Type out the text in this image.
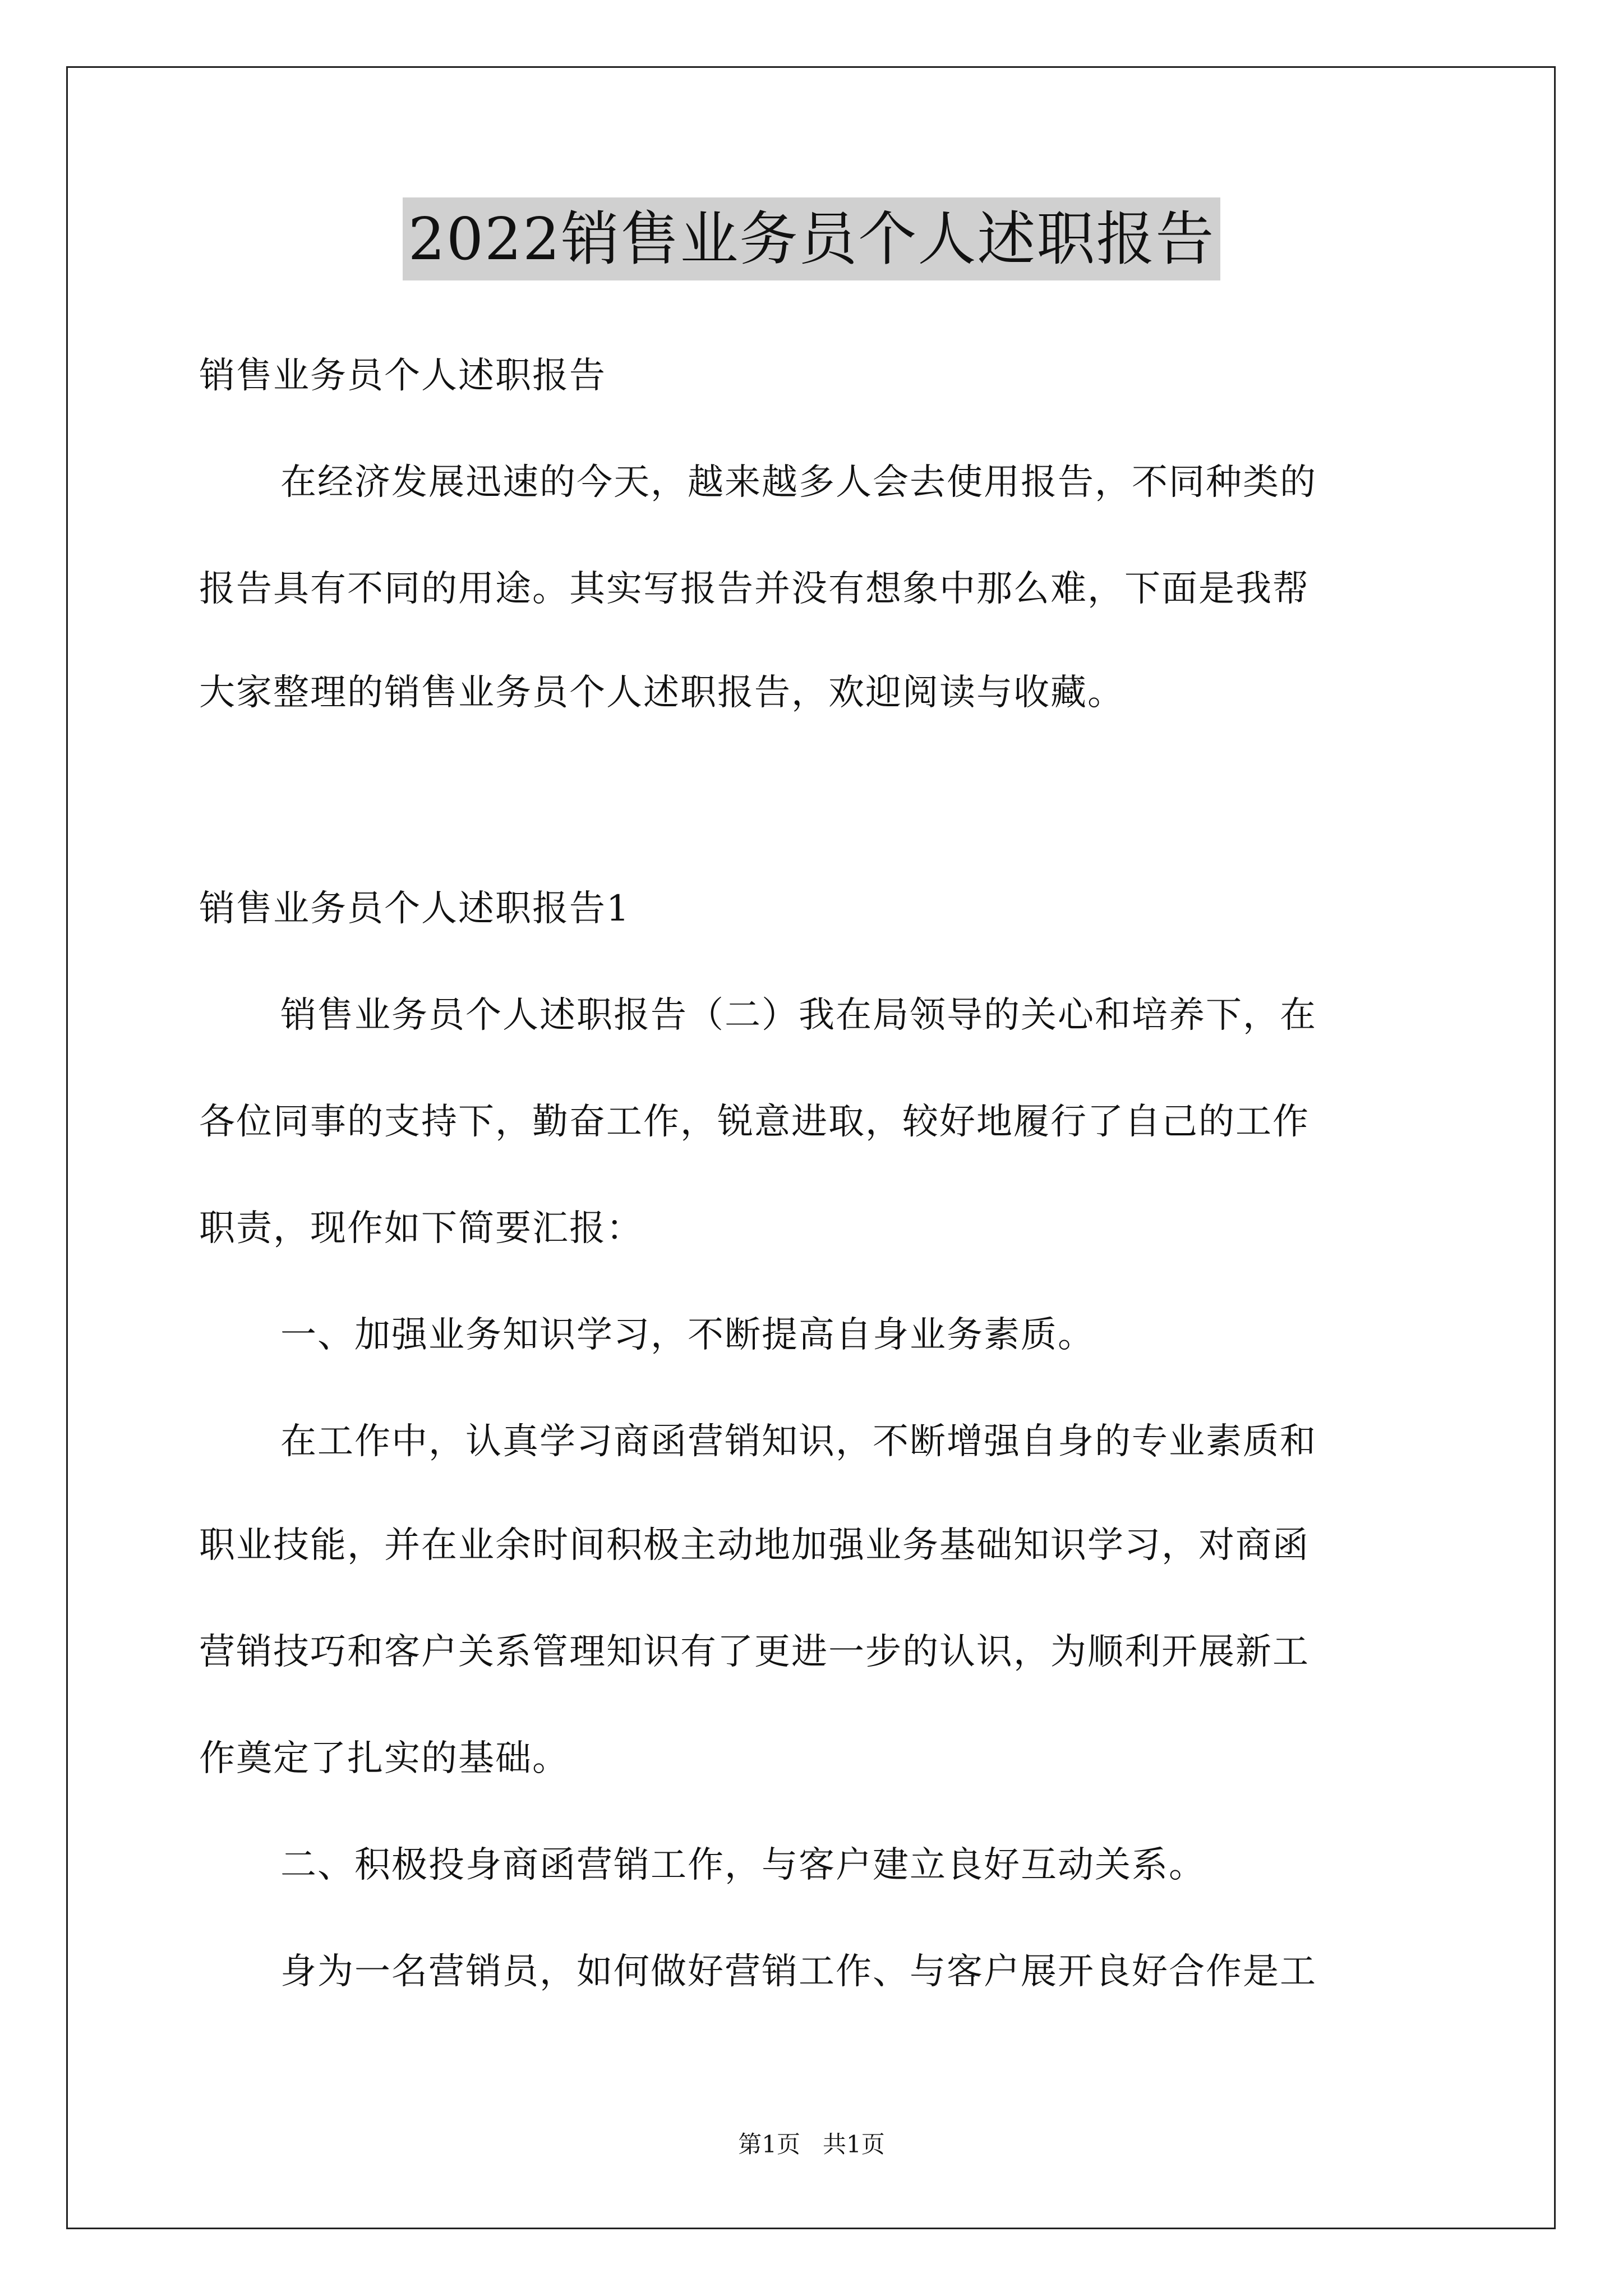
2022销售业务员个人述职报告
销售业务员个人述职报告
在经济发展迅速的今天，越来越多人会去使用报告，不同种类的
报告具有不同的用途。其实写报告并没有想象中那么难，下面是我帮
大家整理的销售业务员个人述职报告，欢迎阅读与收藏。
销售业务员个人述职报告1
销售业务员个人述职报告（二）我在局领导的关心和培养下，在
各位同事的支持下，勤奋工作，锐意进取，较好地履行了自己的工作
职责，现作如下简要汇报：
一、加强业务知识学习，不断提高自身业务素质。
在工作中，认真学习商函营销知识，不断增强自身的专业素质和
职业技能，并在业余时间积极主动地加强业务基础知识学习，对商函
营销技巧和客户关系管理知识有了更进一步的认识，为顺利开展新工
作奠定了扎实的基础。
二、积极投身商函营销工作，与客户建立良好互动关系。
身为一名营销员，如何做好营销工作、与客户展开良好合作是工
第1页   共1页
